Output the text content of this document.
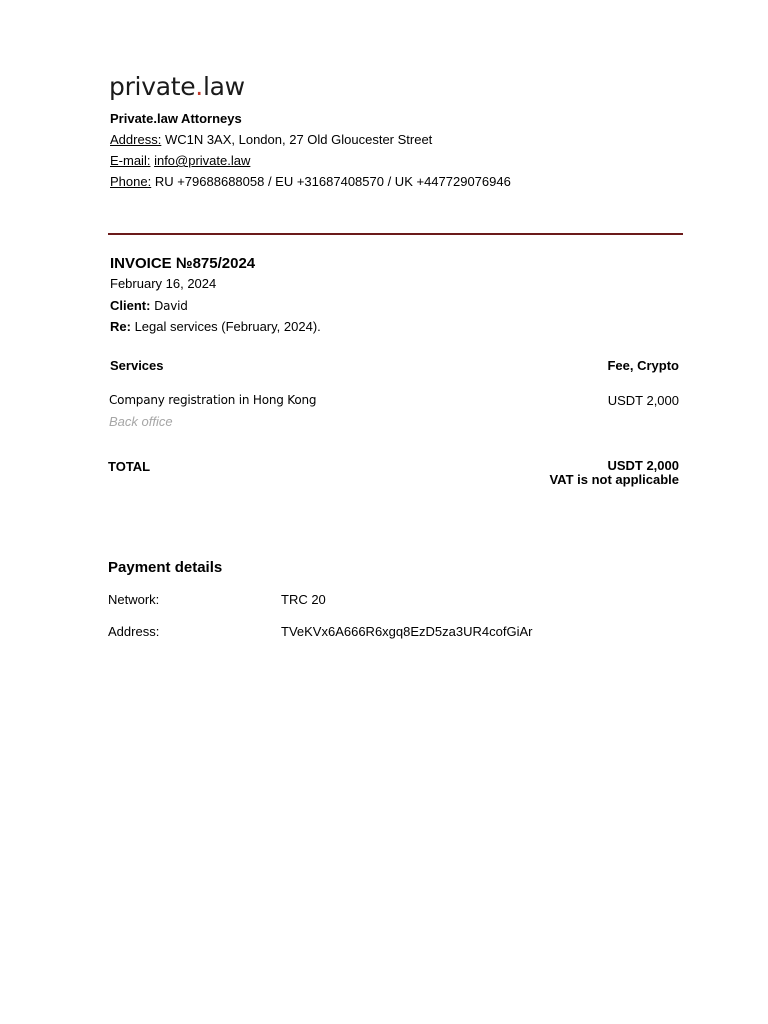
private.law
Private.law Attorneys
Address: WC1N 3AX, London, 27 Old Gloucester Street
E-mail: info@private.law
Phone: RU +79688688058 / EU +31687408570 / UK +447729076946
INVOICE №875/2024
February 16, 2024
Client: David
Re: Legal services (February, 2024).
Services	Fee, Crypto
Company registration in Hong Kong	USDT 2,000
Back office
TOTAL	USDT 2,000
VAT is not applicable
Payment details
Network:	TRC 20
Address:	TVeKVx6A666R6xgq8EzD5za3UR4cofGiAr
